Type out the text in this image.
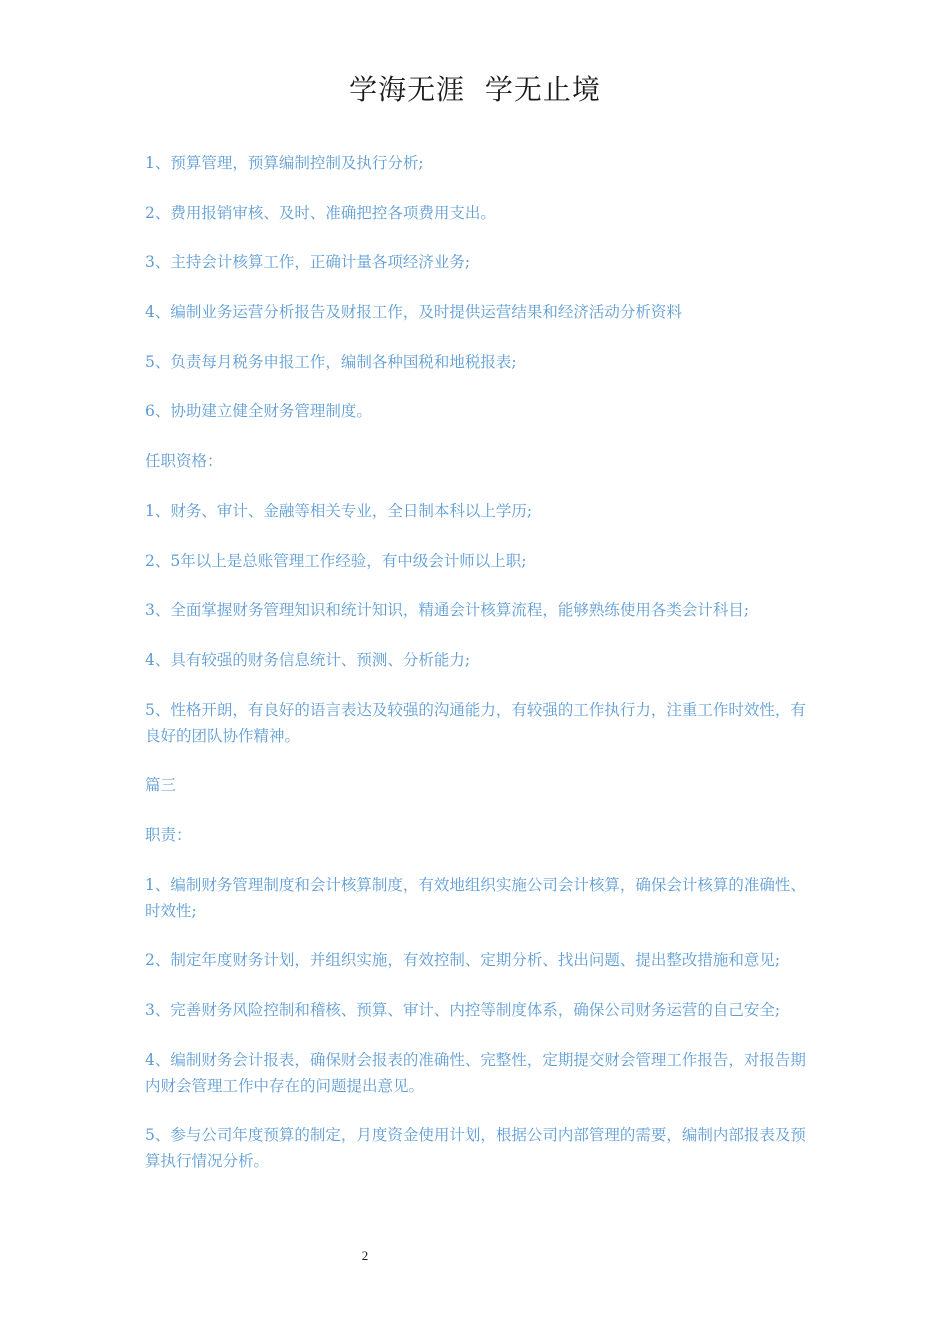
学海无涯  学无止境

1、预算管理，预算编制控制及执行分析;

2、费用报销审核、及时、准确把控各项费用支出。

3、主持会计核算工作，正确计量各项经济业务;

4、编制业务运营分析报告及财报工作，及时提供运营结果和经济活动分析资料

5、负责每月税务申报工作，编制各种国税和地税报表;

6、协助建立健全财务管理制度。

任职资格：

1、财务、审计、金融等相关专业，全日制本科以上学历;

2、5年以上是总账管理工作经验，有中级会计师以上职;

3、全面掌握财务管理知识和统计知识，精通会计核算流程，能够熟练使用各类会计科目;

4、具有较强的财务信息统计、预测、分析能力;

5、性格开朗，有良好的语言表达及较强的沟通能力，有较强的工作执行力，注重工作时效性，有良好的团队协作精神。

篇三

职责：

1、编制财务管理制度和会计核算制度，有效地组织实施公司会计核算，确保会计核算的准确性、时效性;

2、制定年度财务计划，并组织实施，有效控制、定期分析、找出问题、提出整改措施和意见;

3、完善财务风险控制和稽核、预算、审计、内控等制度体系，确保公司财务运营的自己安全;

4、编制财务会计报表，确保财会报表的准确性、完整性，定期提交财会管理工作报告，对报告期内财会管理工作中存在的问题提出意见。

5、参与公司年度预算的制定，月度资金使用计划，根据公司内部管理的需要，编制内部报表及预算执行情况分析。

2
